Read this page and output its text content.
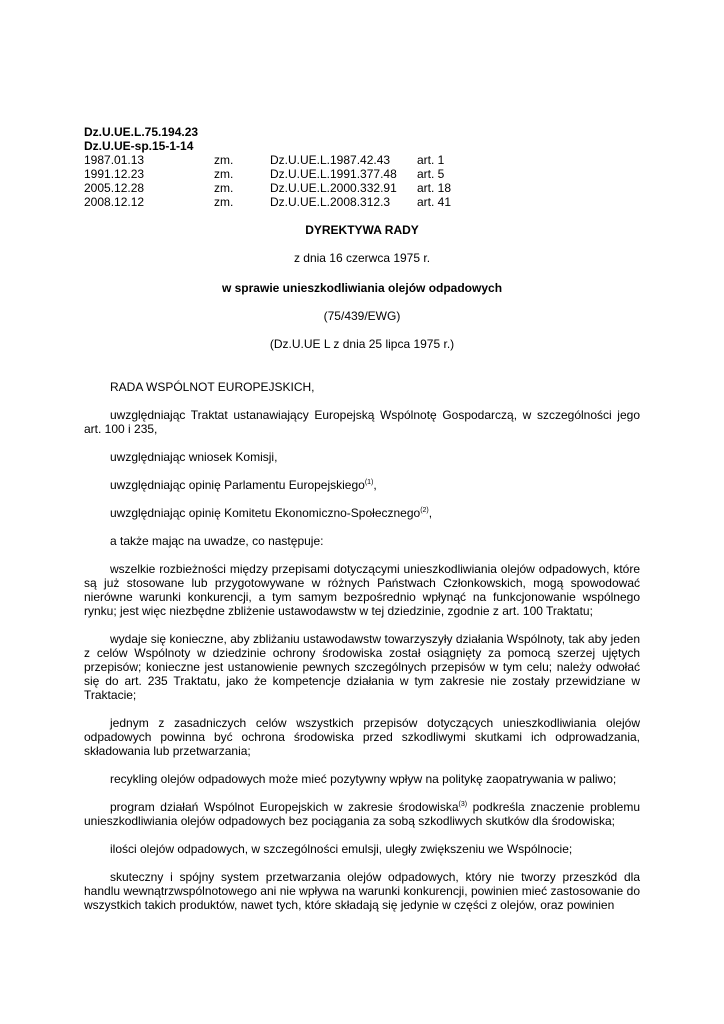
Dz.U.UE.L.75.194.23
Dz.U.UE-sp.15-1-14
1987.01.13	zm.	Dz.U.UE.L.1987.42.43	art. 1
1991.12.23	zm.	Dz.U.UE.L.1991.377.48	art. 5
2005.12.28	zm.	Dz.U.UE.L.2000.332.91	art. 18
2008.12.12	zm.	Dz.U.UE.L.2008.312.3	art. 41
DYREKTYWA RADY
z dnia 16 czerwca 1975 r.
w sprawie unieszkodliwiania olejów odpadowych
(75/439/EWG)
(Dz.U.UE L z dnia 25 lipca 1975 r.)

RADA WSPÓLNOT EUROPEJSKICH,

uwzględniając Traktat ustanawiający Europejską Wspólnotę Gospodarczą, w szczególności jego art. 100 i 235,

uwzględniając wniosek Komisji,

uwzględniając opinię Parlamentu Europejskiego$^{(1)}$,

uwzględniając opinię Komitetu Ekonomiczno-Społecznego$^{(2)}$,

a także mając na uwadze, co następuje:

wszelkie rozbieżności między przepisami dotyczącymi unieszkodliwiania olejów odpadowych, które są już stosowane lub przygotowywane w różnych Państwach Członkowskich, mogą spowodować nierówne warunki konkurencji, a tym samym bezpośrednio wpłynąć na funkcjonowanie wspólnego rynku; jest więc niezbędne zbliżenie ustawodawstw w tej dziedzinie, zgodnie z art. 100 Traktatu;

wydaje się konieczne, aby zbliżaniu ustawodawstw towarzyszyły działania Wspólnoty, tak aby jeden z celów Wspólnoty w dziedzinie ochrony środowiska został osiągnięty za pomocą szerzej ujętych przepisów; konieczne jest ustanowienie pewnych szczególnych przepisów w tym celu; należy odwołać się do art. 235 Traktatu, jako że kompetencje działania w tym zakresie nie zostały przewidziane w Traktacie;

jednym z zasadniczych celów wszystkich przepisów dotyczących unieszkodliwiania olejów odpadowych powinna być ochrona środowiska przed szkodliwymi skutkami ich odprowadzania, składowania lub przetwarzania;

recykling olejów odpadowych może mieć pozytywny wpływ na politykę zaopatrywania w paliwo;

program działań Wspólnot Europejskich w zakresie środowiska$^{(3)}$ podkreśla znaczenie problemu unieszkodliwiania olejów odpadowych bez pociągania za sobą szkodliwych skutków dla środowiska;

ilości olejów odpadowych, w szczególności emulsji, uległy zwiększeniu we Wspólnocie;

skuteczny i spójny system przetwarzania olejów odpadowych, który nie tworzy przeszkód dla handlu wewnątrzwspólnotowego ani nie wpływa na warunki konkurencji, powinien mieć zastosowanie do wszystkich takich produktów, nawet tych, które składają się jedynie w części z olejów, oraz powinien
